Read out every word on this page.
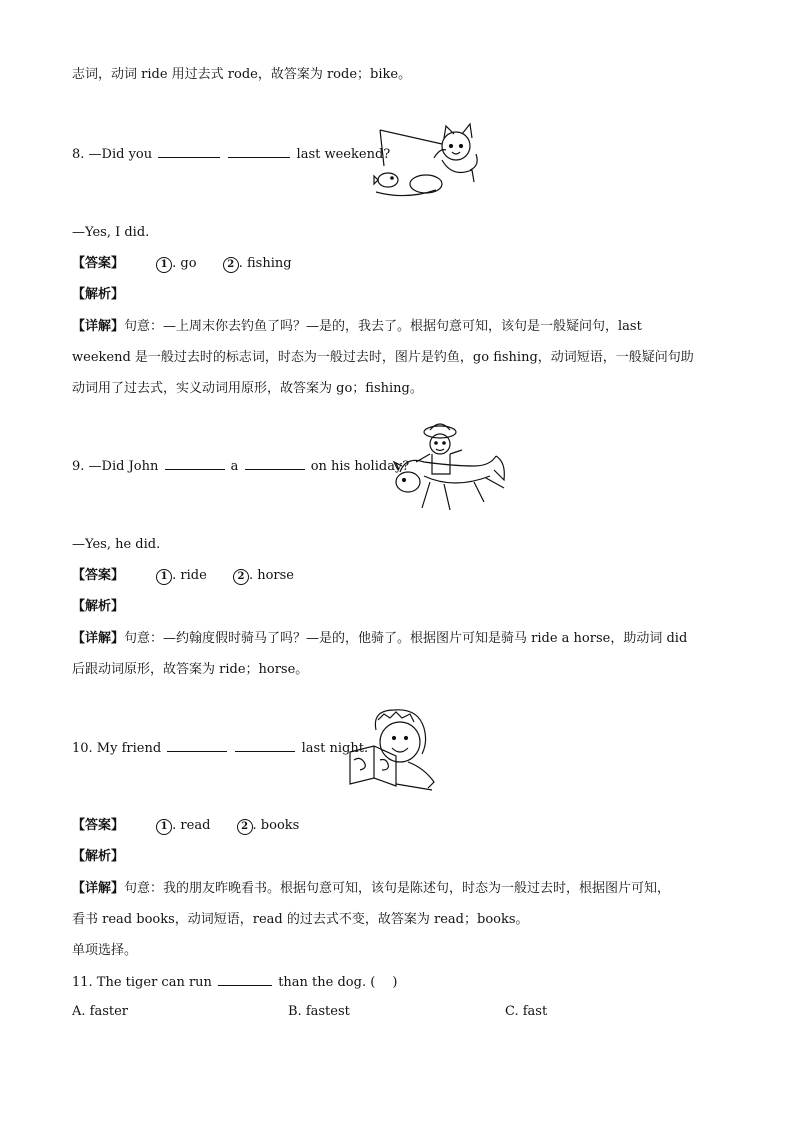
志词，动词 ride 用过去式 rode，故答案为 rode；bike。
8. —Did you	last weekend?
—Yes, I did.
【答案】	1 . go	2 . fishing
【解析】
【详解】句意：—上周末你去钓鱼了吗？—是的，我去了。根据句意可知，该句是一般疑问句，last
weekend 是一般过去时的标志词，时态为一般过去时，图片是钓鱼，go fishing，动词短语，一般疑问句助
动词用了过去式，实义动词用原形，故答案为 go；fishing。
9. —Did John	a	on his holiday?
—Yes, he did.
【答案】	1 . ride	2 . horse
【解析】
【详解】句意：—约翰度假时骑马了吗？—是的，他骑了。根据图片可知是骑马 ride a horse，助动词 did
后跟动词原形，故答案为 ride；horse。
10. My friend	last night.
【答案】	1 . read	2 . books
【解析】
【详解】句意：我的朋友昨晚看书。根据句意可知，该句是陈述句，时态为一般过去时，根据图片可知，
看书 read books，动词短语，read 的过去式不变，故答案为 read；books。
单项选择。
11. The tiger can run	than the dog. (　 )
A. faster	B. fastest	C. fast
